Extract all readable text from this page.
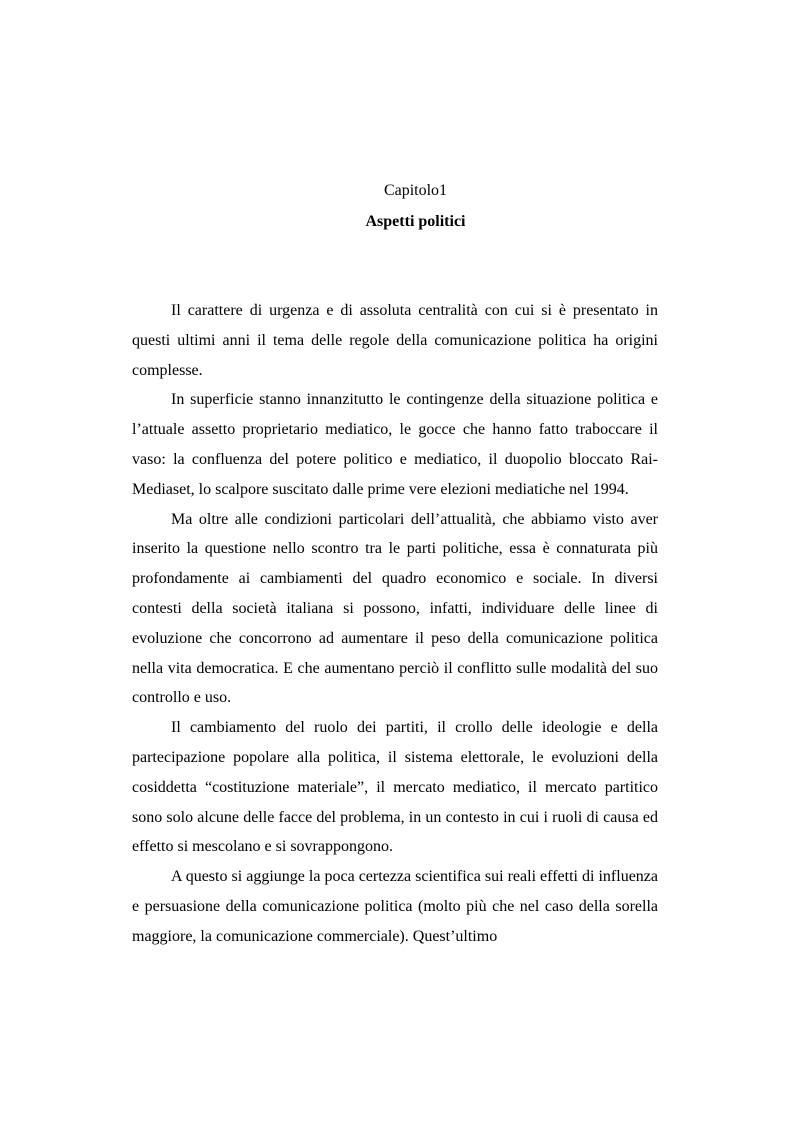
Capitolo1
Aspetti politici

Il carattere di urgenza e di assoluta centralità con cui si è presentato in questi ultimi anni il tema delle regole della comunicazione politica ha origini complesse.

In superficie stanno innanzitutto le contingenze della situazione politica e l’attuale assetto proprietario mediatico, le gocce che hanno fatto traboccare il vaso: la confluenza del potere politico e mediatico, il duopolio bloccato Rai-Mediaset, lo scalpore suscitato dalle prime vere elezioni mediatiche nel 1994.

Ma oltre alle condizioni particolari dell’attualità, che abbiamo visto aver inserito la questione nello scontro tra le parti politiche, essa è connaturata più profondamente ai cambiamenti del quadro economico e sociale. In diversi contesti della società italiana si possono, infatti, individuare delle linee di evoluzione che concorrono ad aumentare il peso della comunicazione politica nella vita democratica. E che aumentano perciò il conflitto sulle modalità del suo controllo e uso.

Il cambiamento del ruolo dei partiti, il crollo delle ideologie e della partecipazione popolare alla politica, il sistema elettorale, le evoluzioni della cosiddetta “costituzione materiale”, il mercato mediatico, il mercato partitico sono solo alcune delle facce del problema, in un contesto in cui i ruoli di causa ed effetto si mescolano e si sovrappongono.

A questo si aggiunge la poca certezza scientifica sui reali effetti di influenza e persuasione della comunicazione politica (molto più che nel caso della sorella maggiore, la comunicazione commerciale). Quest’ultimo
